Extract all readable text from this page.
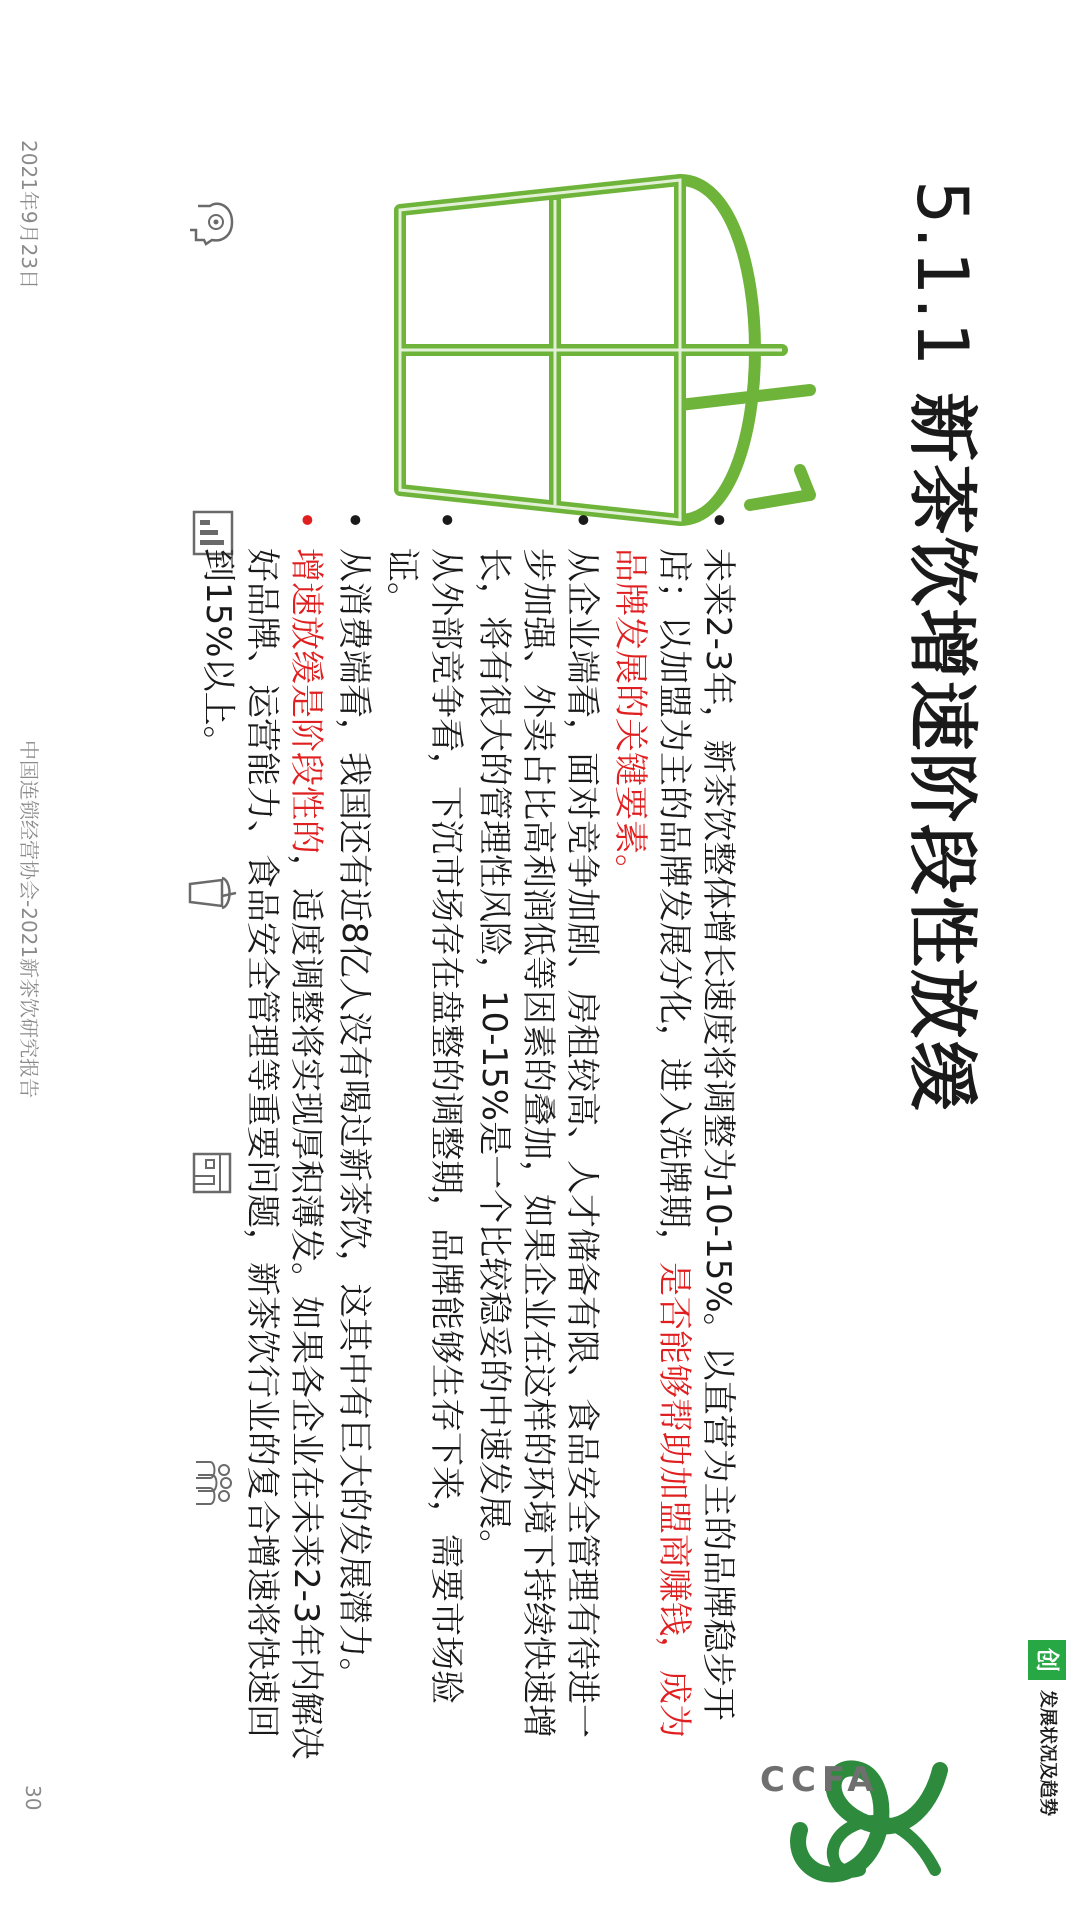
创
发展状况及趋势
CCFA
5.1.1 新茶饮增速阶段性放缓
•
未来2-3年，新茶饮整体增长速度将调整为10-15%。以直营为主的品牌稳步开店；以加盟为主的品牌发展分化，进入洗牌期，是否能够帮助加盟商赚钱，成为品牌发展的关键要素。
•
从企业端看，面对竞争加剧、房租较高、人才储备有限、食品安全管理有待进一步加强、外卖占比高利润低等因素的叠加，如果企业在这样的环境下持续快速增长，将有很大的管理性风险，10-15%是一个比较稳妥的中速发展。
•
从外部竞争看，下沉市场存在盘整的调整期，品牌能够生存下来，需要市场验证。
•
从消费端看，我国还有近8亿人没有喝过新茶饮，这其中有巨大的发展潜力。
•
增速放缓是阶段性的，适度调整将实现厚积薄发。如果各企业在未来2-3年内解决好品牌、运营能力、食品安全管理等重要问题，新茶饮行业的复合增速将快速回到15%以上。
2021年9月23日
中国连锁经营协会-2021新茶饮研究报告
30
